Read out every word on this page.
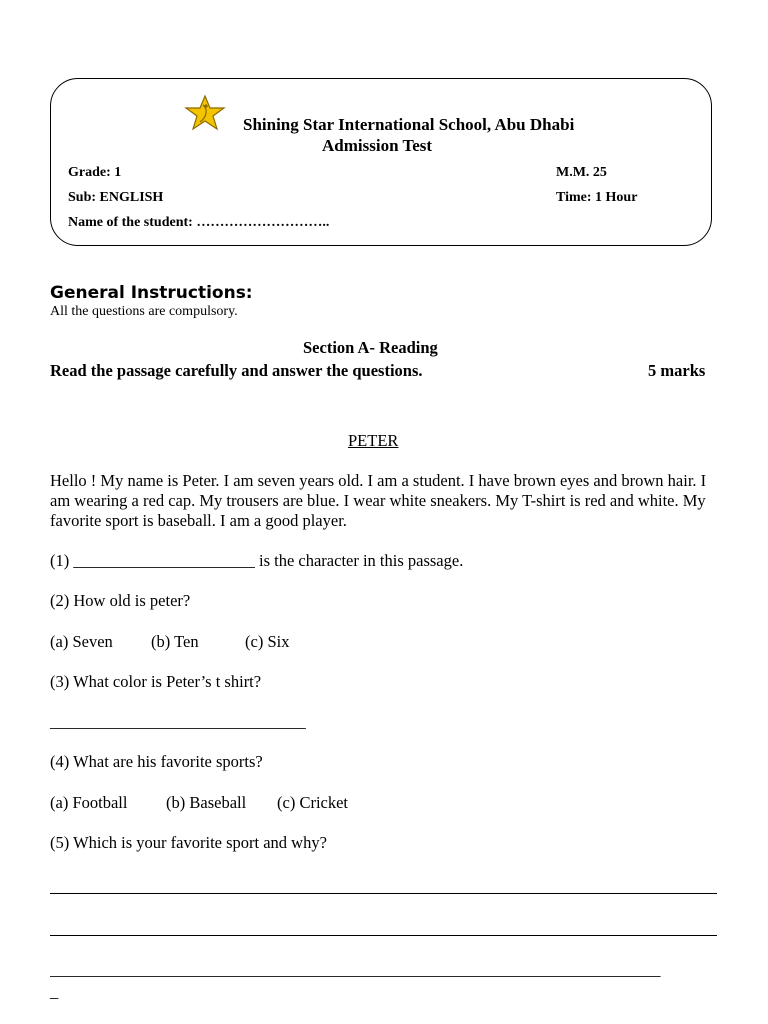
Shining Star International School, Abu Dhabi
Admission Test
Grade: 1	M.M. 25
Sub: ENGLISH	Time: 1 Hour
Name of the student: ………………………..
General Instructions:
All the questions are compulsory.
Section A- Reading
Read the passage carefully and answer the questions.	5 marks
PETER
Hello ! My name is Peter. I am seven years old. I am a student. I have brown eyes and brown hair. I am wearing a red cap. My trousers are blue. I wear white sneakers. My T-shirt is red and white. My favorite sport is baseball. I am a good player.
(1) ______________________ is the character in this passage.
(2) How old is peter?
(a) Seven (b) Ten	(c) Six
(3) What color is Peter’s t shirt?
_______________________________
(4) What are his favorite sports?
(a) Football (b) Baseball (c) Cricket
(5) Which is your favorite sport and why?
__________________________________________________________________________
_
